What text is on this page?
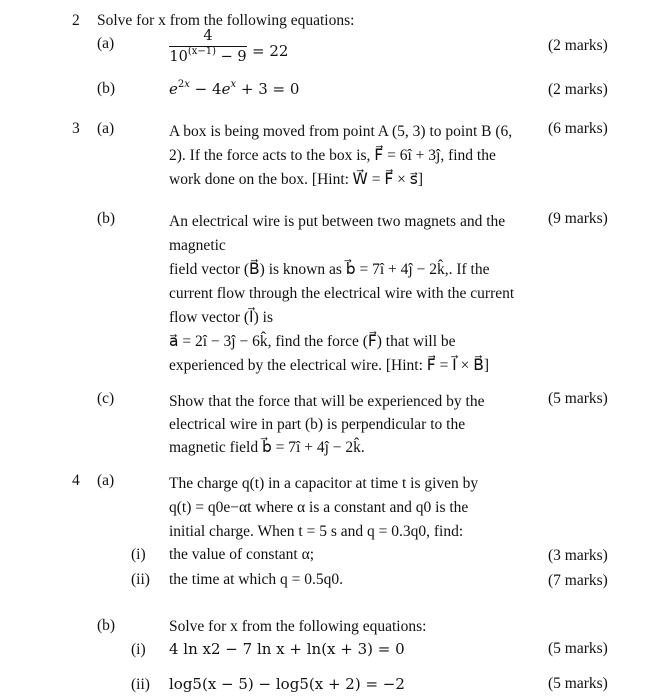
2 Solve for x from the following equations:
(a)	4
$10^{(x-1)} - 9 = 22$	(2 marks)
(b)	$e^{2x} - 4e^x + 3 = 0$	(2 marks)
3 (a)	A box is being moved from point A (5, 3) to point B (6,
2). If the force acts to the box is, F⃗ = 6î + 3ĵ, find the
work done on the box. [Hint: W⃗ = F⃗ × s⃗]
(6 marks)
(b)	An electrical wire is put between two magnets and the
magnetic
field vector (B⃗) is known as b⃗ = 7î + 4ĵ − 2k̂,. If the
current flow through the electrical wire with the current
flow vector (I⃗) is
a⃗ = 2î − 3ĵ − 6k̂, find the force (F⃗) that will be
experienced by the electrical wire. [Hint: F⃗ = I⃗ × B⃗]
(9 marks)
(c)	Show that the force that will be experienced by the
electrical wire in part (b) is perpendicular to the
magnetic field b⃗ = 7î + 4ĵ − 2k̂.
(5 marks)
4 (a)	The charge q(t) in a capacitor at time t is given by
q(t) = q0e−αt where α is a constant and q0 is the
initial charge. When t = 5 s and q = 0.3q0, find:
(i) the value of constant α;	(3 marks)
(ii) the time at which q = 0.5q0.	(7 marks)
(b)	Solve for x from the following equations:
(i) 4 ln x2 − 7 ln x + ln(x + 3) = 0	(5 marks)
(ii) log5(x − 5) − log5(x + 2) = −2	(5 marks)
